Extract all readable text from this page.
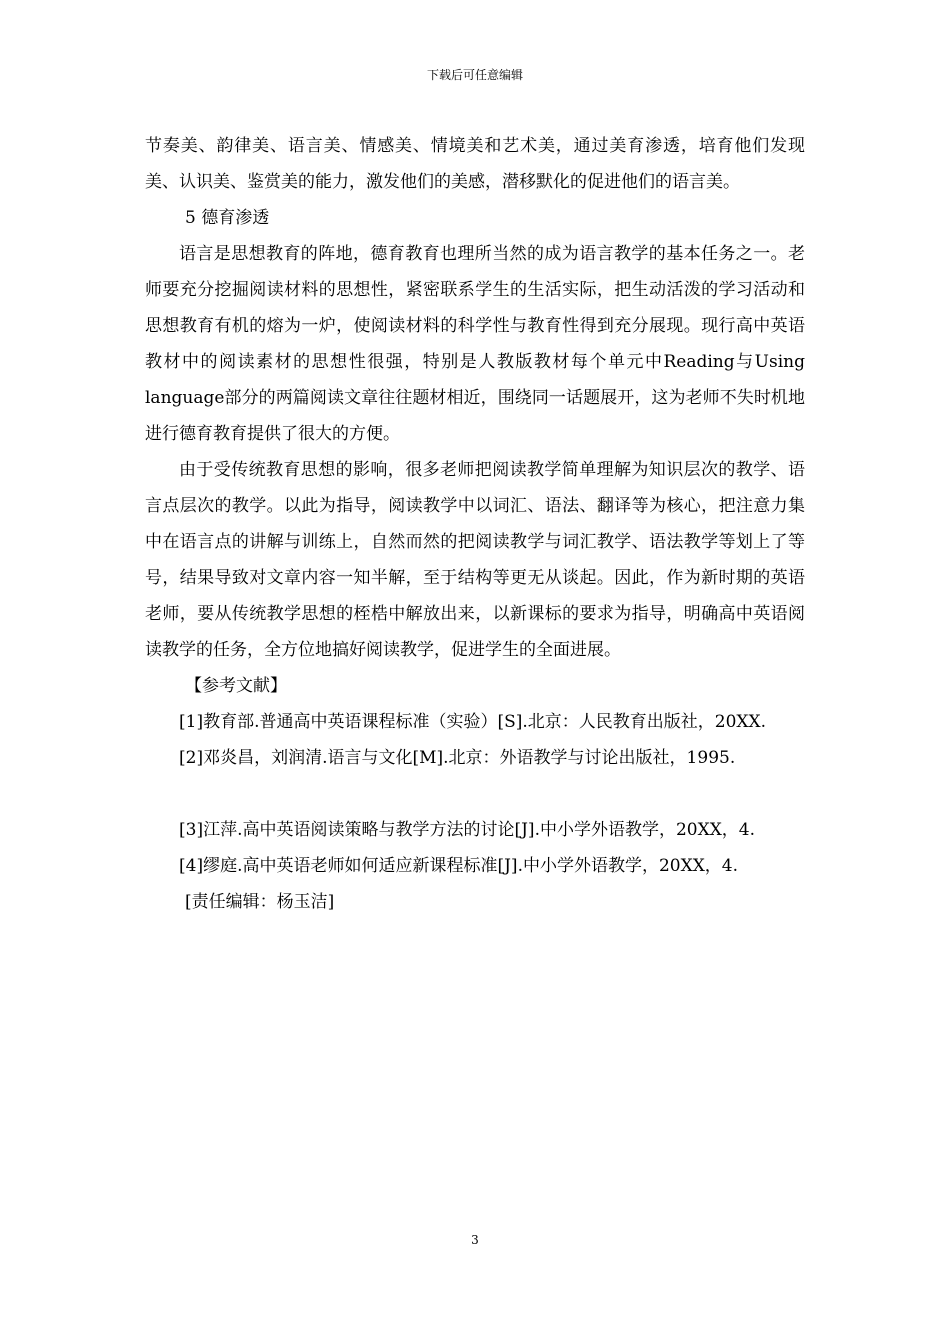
下载后可任意编辑

节奏美、韵律美、语言美、情感美、情境美和艺术美，通过美育渗透，培育他们发现美、认识美、鉴赏美的能力，激发他们的美感，潜移默化的促进他们的语言美。

5 德育渗透

语言是思想教育的阵地，德育教育也理所当然的成为语言教学的基本任务之一。老师要充分挖掘阅读材料的思想性，紧密联系学生的生活实际，把生动活泼的学习活动和思想教育有机的熔为一炉，使阅读材料的科学性与教育性得到充分展现。现行高中英语教材中的阅读素材的思想性很强，特别是人教版教材每个单元中Reading与Using language部分的两篇阅读文章往往题材相近，围绕同一话题展开，这为老师不失时机地进行德育教育提供了很大的方便。

由于受传统教育思想的影响，很多老师把阅读教学简单理解为知识层次的教学、语言点层次的教学。以此为指导，阅读教学中以词汇、语法、翻译等为核心，把注意力集中在语言点的讲解与训练上，自然而然的把阅读教学与词汇教学、语法教学等划上了等号，结果导致对文章内容一知半解，至于结构等更无从谈起。因此，作为新时期的英语老师，要从传统教学思想的桎梏中解放出来，以新课标的要求为指导，明确高中英语阅读教学的任务，全方位地搞好阅读教学，促进学生的全面进展。

【参考文献】

[1]教育部.普通高中英语课程标准（实验）[S].北京：人民教育出版社，20XX.

[2]邓炎昌，刘润清.语言与文化[M].北京：外语教学与讨论出版社，1995.

[3]江萍.高中英语阅读策略与教学方法的讨论[J].中小学外语教学，20XX，4.

[4]缪庭.高中英语老师如何适应新课程标准[J].中小学外语教学，20XX，4.

[责任编辑：杨玉洁]

3
